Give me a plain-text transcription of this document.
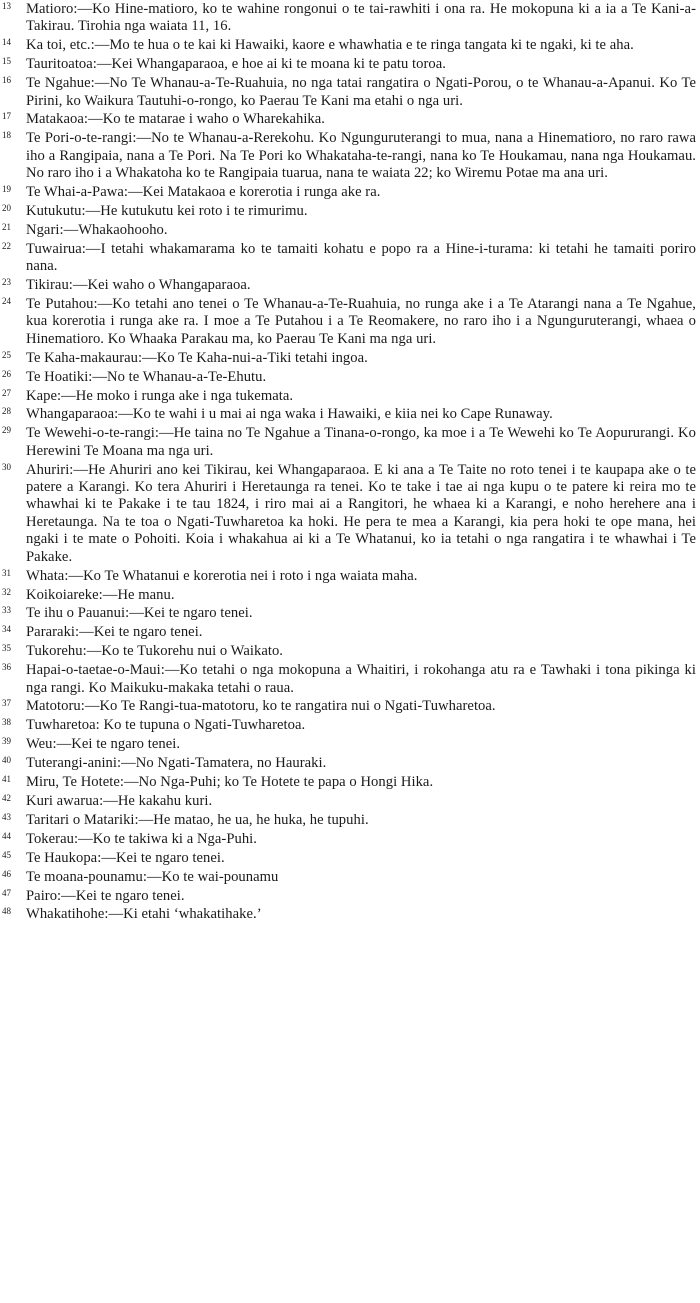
13	Matioro:—Ko Hine-matioro, ko te wahine rongonui o te tai-rawhiti i ona ra. He mokopuna ki a ia a Te Kani-a-Takirau. Tirohia nga waiata 11, 16.
14	Ka toi, etc.:—Mo te hua o te kai ki Hawaiki, kaore e whawhatia e te ringa tangata ki te ngaki, ki te aha.
15	Tauritoatoa:—Kei Whangaparaoa, e hoe ai ki te moana ki te patu toroa.
16	Te Ngahue:—No Te Whanau-a-Te-Ruahuia, no nga tatai rangatira o Ngati-Porou, o te Whanau-a-Apanui. Ko Te Pirini, ko Waikura Tautuhi-o-rongo, ko Paerau Te Kani ma etahi o nga uri.
17	Matakaoa:—Ko te matarae i waho o Wharekahika.
18	Te Pori-o-te-rangi:—No te Whanau-a-Rerekohu. Ko Ngunguruterangi to mua, nana a Hinematioro, no raro rawa iho a Rangipaia, nana a Te Pori. Na Te Pori ko Whakataha-te-rangi, nana ko Te Houkamau, nana nga Houkamau. No raro iho i a Whakatoha ko te Rangipaia tuarua, nana te waiata 22; ko Wiremu Potae ma ana uri.
19	Te Whai-a-Pawa:—Kei Matakaoa e korerotia i runga ake ra.
20	Kutukutu:—He kutukutu kei roto i te rimurimu.
21	Ngari:—Whakaohooho.
22	Tuwairua:—I tetahi whakamarama ko te tamaiti kohatu e popo ra a Hine-i-turama: ki tetahi he tamaiti poriro nana.
23	Tikirau:—Kei waho o Whangaparaoa.
24	Te Putahou:—Ko tetahi ano tenei o Te Whanau-a-Te-Ruahuia, no runga ake i a Te Atarangi nana a Te Ngahue, kua korerotia i runga ake ra. I moe a Te Putahou i a Te Reomakere, no raro iho i a Ngunguruterangi, whaea o Hinematioro. Ko Whaaka Parakau ma, ko Paerau Te Kani ma nga uri.
25	Te Kaha-makaurau:—Ko Te Kaha-nui-a-Tiki tetahi ingoa.
26	Te Hoatiki:—No te Whanau-a-Te-Ehutu.
27	Kape:—He moko i runga ake i nga tukemata.
28	Whangaparaoa:—Ko te wahi i u mai ai nga waka i Hawaiki, e kiia nei ko Cape Runaway.
29	Te Wewehi-o-te-rangi:—He taina no Te Ngahue a Tinana-o-rongo, ka moe i a Te Wewehi ko Te Aopururangi. Ko Herewini Te Moana ma nga uri.
30	Ahuriri:—He Ahuriri ano kei Tikirau, kei Whangaparaoa. E ki ana a Te Taite no roto tenei i te kaupapa ake o te patere a Karangi. Ko tera Ahuriri i Heretaunga ra tenei. Ko te take i tae ai nga kupu o te patere ki reira mo te whawhai ki te Pakake i te tau 1824, i riro mai ai a Rangitori, he whaea ki a Karangi, e noho herehere ana i Heretaunga. Na te toa o Ngati-Tuwharetoa ka hoki. He pera te mea a Karangi, kia pera hoki te ope mana, hei ngaki i te mate o Pohoiti. Koia i whakahua ai ki a Te Whatanui, ko ia tetahi o nga rangatira i te whawhai i Te Pakake.
31	Whata:—Ko Te Whatanui e korerotia nei i roto i nga waiata maha.
32	Koikoiareke:—He manu.
33	Te ihu o Pauanui:—Kei te ngaro tenei.
34	Pararaki:—Kei te ngaro tenei.
35	Tukorehu:—Ko te Tukorehu nui o Waikato.
36	Hapai-o-taetae-o-Maui:—Ko tetahi o nga mokopuna a Whaitiri, i rokohanga atu ra e Tawhaki i tona pikinga ki nga rangi. Ko Maikuku-makaka tetahi o raua.
37	Matotoru:—Ko Te Rangi-tua-matotoru, ko te rangatira nui o Ngati-Tuwharetoa.
38	Tuwharetoa: Ko te tupuna o Ngati-Tuwharetoa.
39	Weu:—Kei te ngaro tenei.
40	Tuterangi-anini:—No Ngati-Tamatera, no Hauraki.
41	Miru, Te Hotete:—No Nga-Puhi; ko Te Hotete te papa o Hongi Hika.
42	Kuri awarua:—He kakahu kuri.
43	Taritari o Matariki:—He matao, he ua, he huka, he tupuhi.
44	Tokerau:—Ko te takiwa ki a Nga-Puhi.
45	Te Haukopa:—Kei te ngaro tenei.
46	Te moana-pounamu:—Ko te wai-pounamu
47	Pairo:—Kei te ngaro tenei.
48	Whakatihohe:—Ki etahi ‘whakatihake.’
